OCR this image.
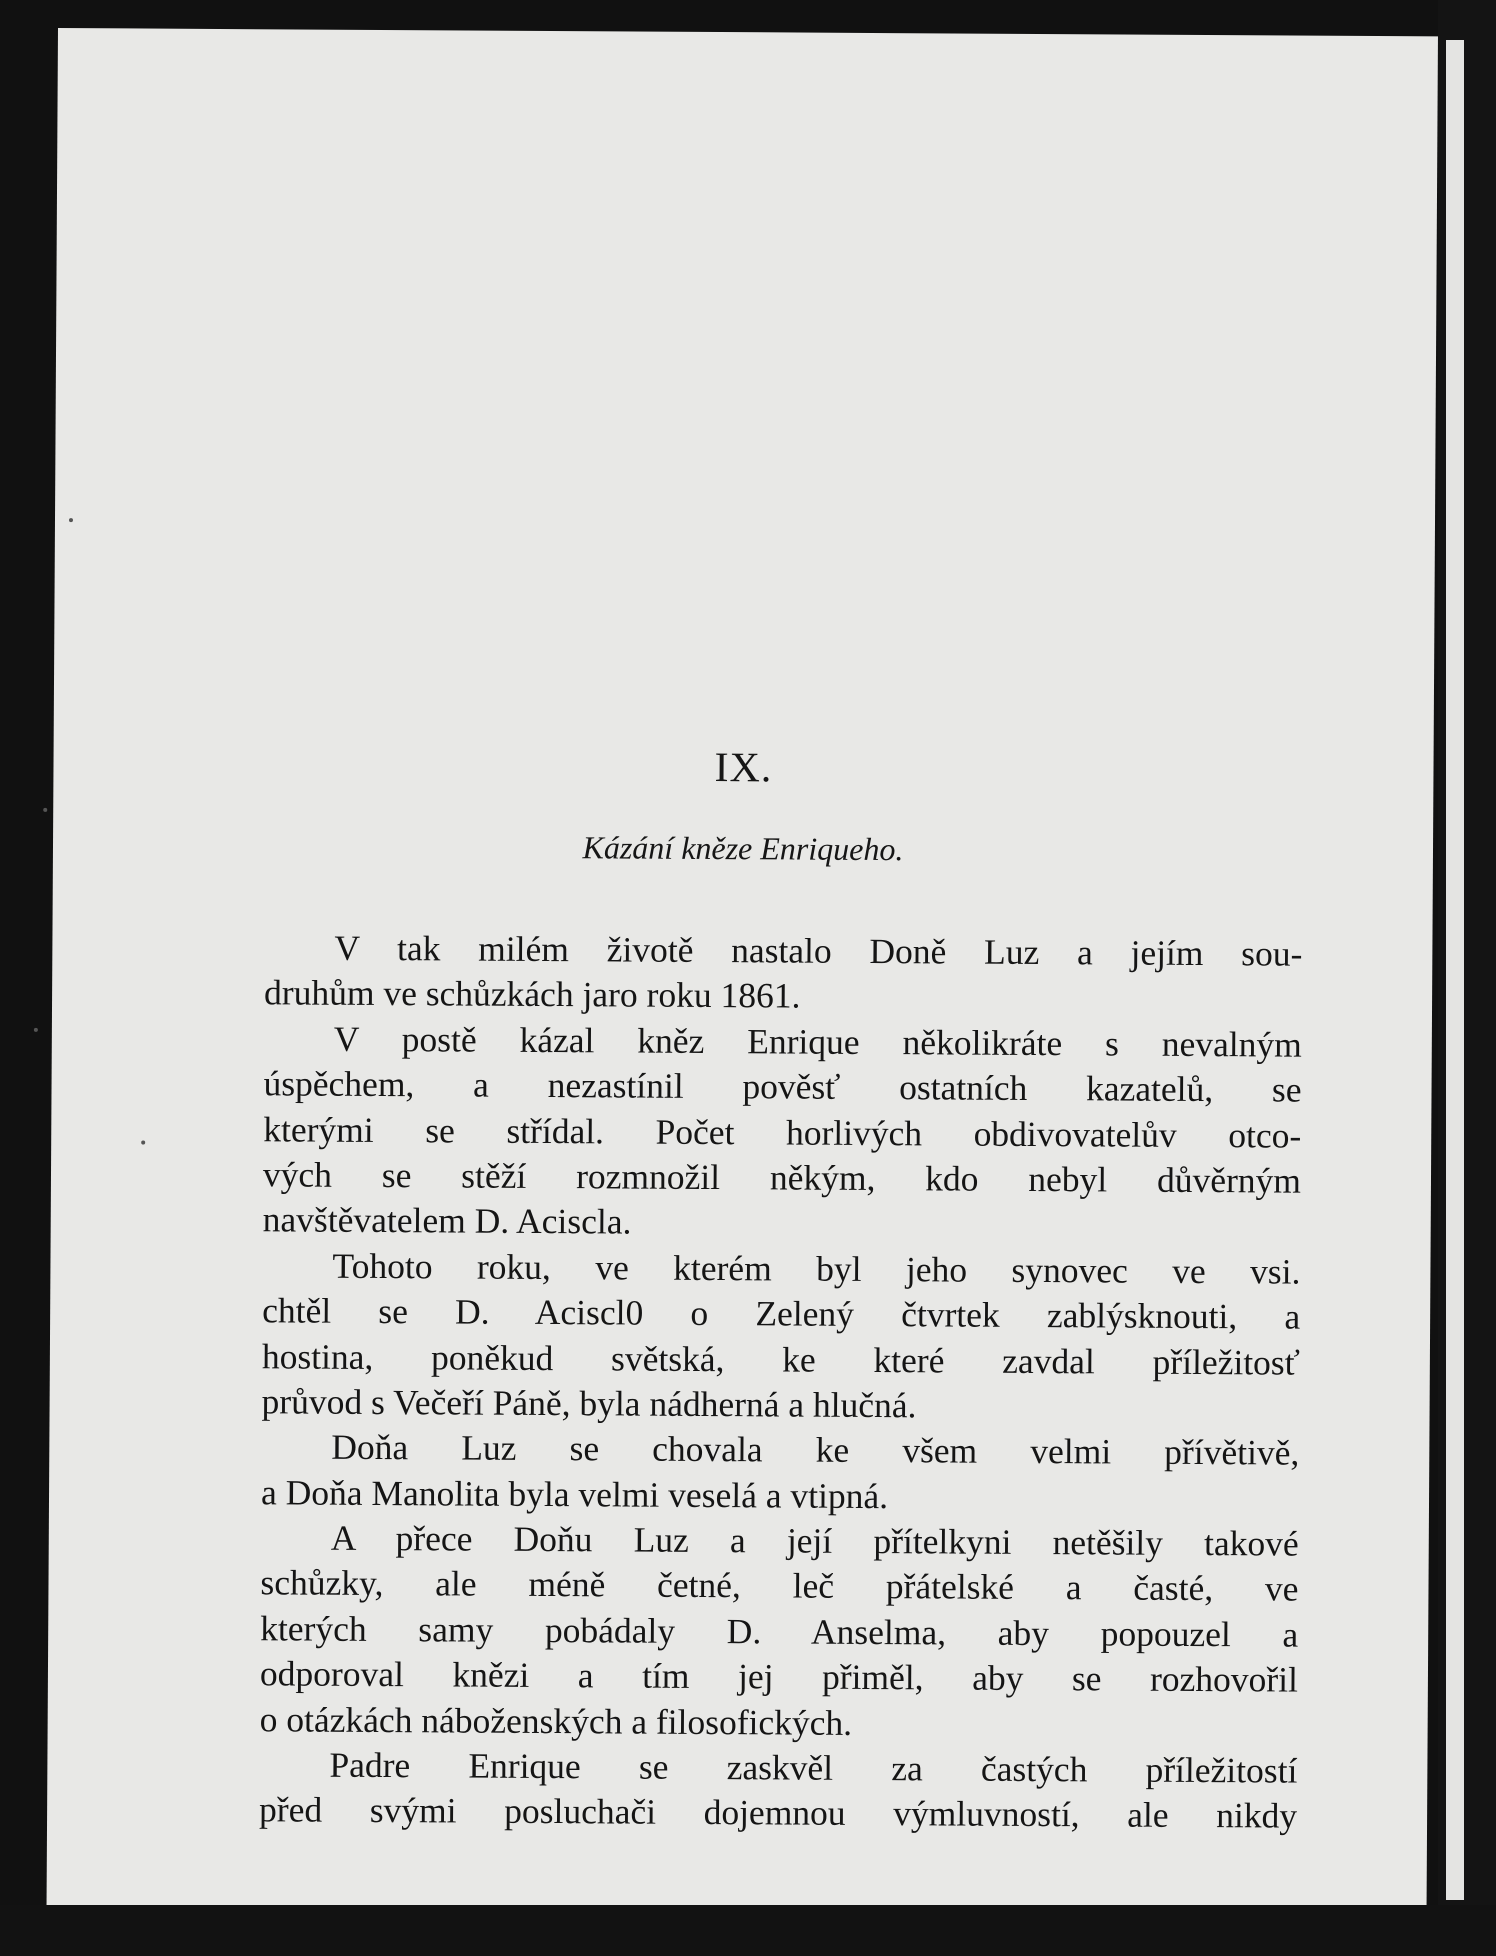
IX.
Kázání kněze Enriqueho.
V tak milém životě nastalo Doně Luz a jejím sou-
druhům ve schůzkách jaro roku 1861.
V postě kázal kněz Enrique několikráte s nevalným
úspěchem, a nezastínil pověsť ostatních kazatelů, se
kterými se střídal. Počet horlivých obdivovatelův otco-
vých se stěží rozmnožil někým, kdo nebyl důvěrným
navštěvatelem D. Aciscla.
Tohoto roku, ve kterém byl jeho synovec ve vsi.
chtěl se D. Aciscl0 o Zelený čtvrtek zablýsknouti, a
hostina, poněkud světská, ke které zavdal příležitosť
průvod s Večeří Páně, byla nádherná a hlučná.
Doňa Luz se chovala ke všem velmi přívětivě,
a Doňa Manolita byla velmi veselá a vtipná.
A přece Doňu Luz a její přítelkyni netěšily takové
schůzky, ale méně četné, leč přátelské a časté, ve
kterých samy pobádaly D. Anselma, aby popouzel a
odporoval knězi a tím jej přiměl, aby se rozhovořil
o otázkách náboženských a filosofických.
Padre Enrique se zaskvěl za častých příležitostí
před svými posluchači dojemnou výmluvností, ale nikdy
